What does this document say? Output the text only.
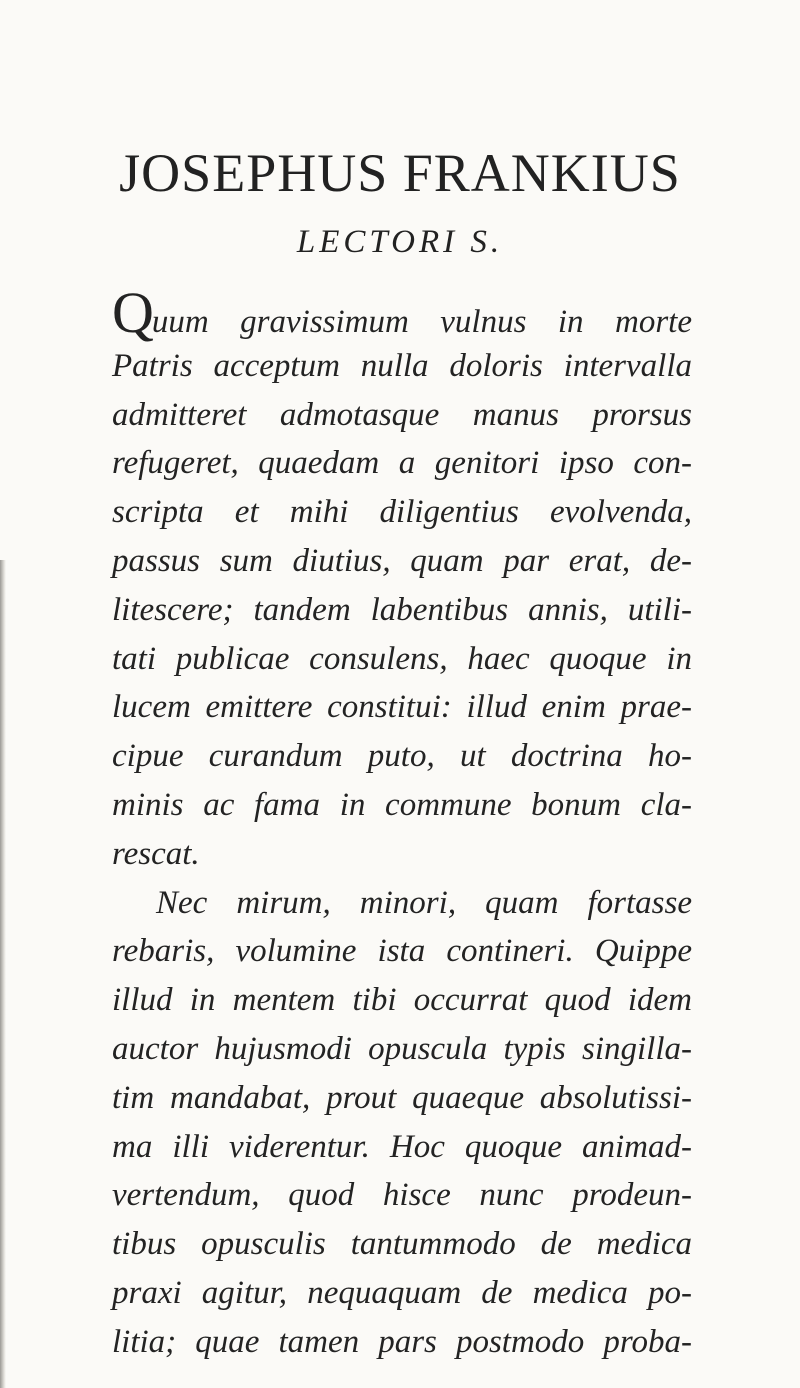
JOSEPHUS FRANKIUS
LECTORI S.
Quum gravissimum vulnus in morte
Patris acceptum nulla doloris intervalla
admitteret admotasque manus prorsus
refugeret, quaedam a genitori ipso con-
scripta et mihi diligentius evolvenda,
passus sum diutius, quam par erat, de-
litescere; tandem labentibus annis, utili-
tati publicae consulens, haec quoque in
lucem emittere constitui: illud enim prae-
cipue curandum puto, ut doctrina ho-
minis ac fama in commune bonum cla-
rescat.
Nec mirum, minori, quam fortasse
rebaris, volumine ista contineri. Quippe
illud in mentem tibi occurrat quod idem
auctor hujusmodi opuscula typis singilla-
tim mandabat, prout quaeque absolutissi-
ma illi viderentur. Hoc quoque animad-
vertendum, quod hisce nunc prodeun-
tibus opusculis tantummodo de medica
praxi agitur, nequaquam de medica po-
litia; quae tamen pars postmodo proba-
